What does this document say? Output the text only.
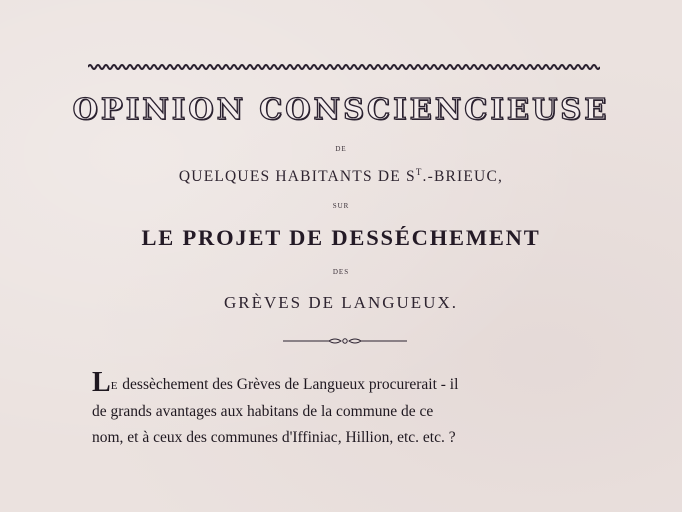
OPINION CONSCIENCIEUSE
DE
QUELQUES HABITANTS DE $S^T$.-BRIEUC,
SUR
LE PROJET DE DESSÉCHEMENT
DES
GRÈVES DE LANGUEUX.
LE dessèchement des Grèves de Langueux procurerait - il
de grands avantages aux habitans de la commune de ce
nom, et à ceux des communes d'Iffiniac, Hillion, etc. etc. ?
